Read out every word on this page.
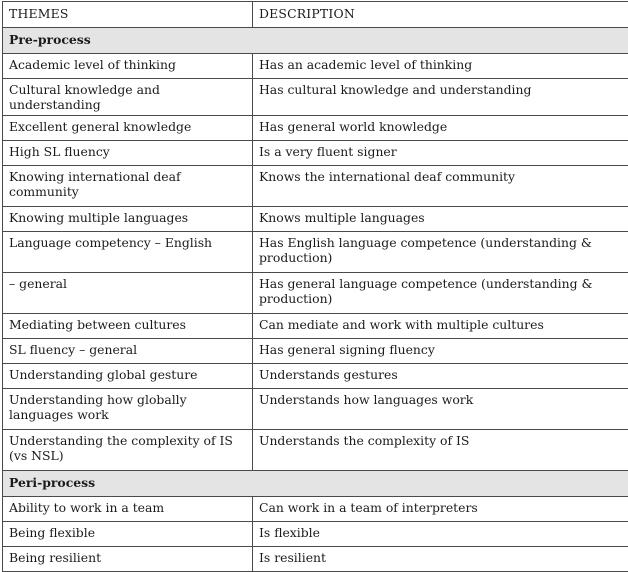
THEMES	DESCRIPTION
Pre-process	
Academic level of thinking	Has an academic level of thinking
Cultural knowledge and understanding	Has cultural knowledge and understanding
Excellent general knowledge	Has general world knowledge
High SL fluency	Is a very fluent signer
Knowing international deaf community	Knows the international deaf community
Knowing multiple languages	Knows multiple languages
Language competency – English	Has English language competence (understanding & production)
– general	Has general language competence (understanding & production)
Mediating between cultures	Can mediate and work with multiple cultures
SL fluency – general	Has general signing fluency
Understanding global gesture	Understands gestures
Understanding how globally languages work	Understands how languages work
Understanding the complexity of IS (vs NSL)	Understands the complexity of IS
Peri-process	
Ability to work in a team	Can work in a team of interpreters
Being flexible	Is flexible
Being resilient	Is resilient
